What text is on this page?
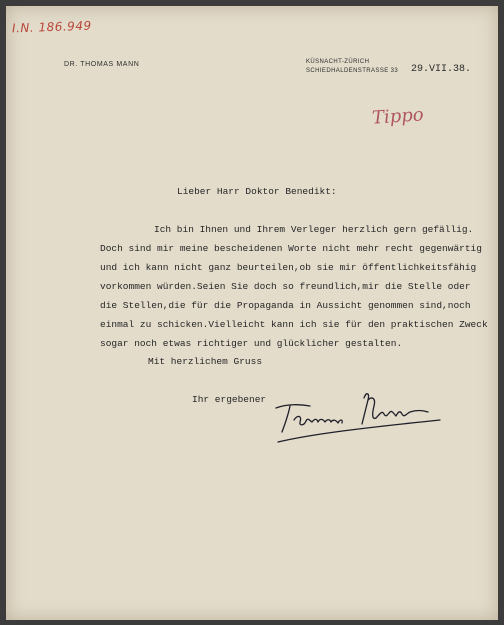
I.N. 186.949
DR. THOMAS MANN	KÜSNACHT-ZÜRICH
SCHIEDHALDENSTRASSE 33 29.VII.38.
Tippo
Lieber Harr Doktor Benedikt:
Ich bin Ihnen und Ihrem Verleger herzlich gern gefällig.
Doch sind mir meine bescheidenen Worte nicht mehr recht gegenwärtig
und ich kann nicht ganz beurteilen,ob sie mir öffentlichkeitsfähig
vorkommen würden.Seien Sie doch so freundlich,mir die Stelle oder
die Stellen,die für die Propaganda in Aussicht genommen sind,noch
einmal zu schicken.Vielleicht kann ich sie für den praktischen Zweck
sogar noch etwas richtiger und glücklicher gestalten.
Mit herzlichem Gruss
Ihr ergebener
